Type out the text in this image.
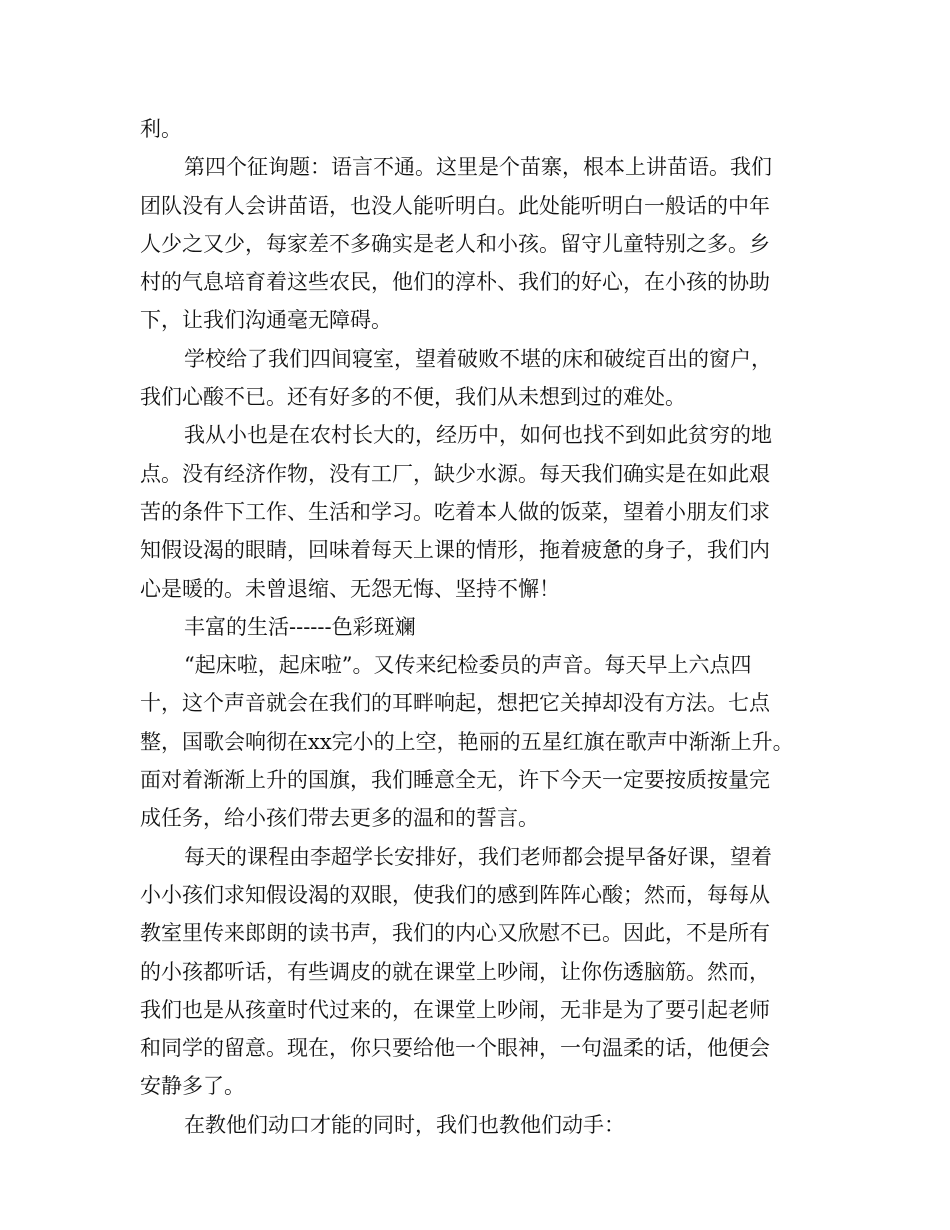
利。
第四个征询题：语言不通。这里是个苗寨，根本上讲苗语。我们
团队没有人会讲苗语，也没人能听明白。此处能听明白一般话的中年
人少之又少，每家差不多确实是老人和小孩。留守儿童特别之多。乡
村的气息培育着这些农民，他们的淳朴、我们的好心，在小孩的协助
下，让我们沟通毫无障碍。
学校给了我们四间寝室，望着破败不堪的床和破绽百出的窗户，
我们心酸不已。还有好多的不便，我们从未想到过的难处。
我从小也是在农村长大的，经历中，如何也找不到如此贫穷的地
点。没有经济作物，没有工厂，缺少水源。每天我们确实是在如此艰
苦的条件下工作、生活和学习。吃着本人做的饭菜，望着小朋友们求
知假设渴的眼睛，回味着每天上课的情形，拖着疲惫的身子，我们内
心是暖的。未曾退缩、无怨无悔、坚持不懈！
丰富的生活------色彩斑斓
“起床啦，起床啦”。又传来纪检委员的声音。每天早上六点四
十，这个声音就会在我们的耳畔响起，想把它关掉却没有方法。七点
整，国歌会响彻在xx完小的上空，艳丽的五星红旗在歌声中渐渐上升。
面对着渐渐上升的国旗，我们睡意全无，许下今天一定要按质按量完
成任务，给小孩们带去更多的温和的誓言。
每天的课程由李超学长安排好，我们老师都会提早备好课，望着
小小孩们求知假设渴的双眼，使我们的感到阵阵心酸；然而，每每从
教室里传来郎朗的读书声，我们的内心又欣慰不已。因此，不是所有
的小孩都听话，有些调皮的就在课堂上吵闹，让你伤透脑筋。然而，
我们也是从孩童时代过来的，在课堂上吵闹，无非是为了要引起老师
和同学的留意。现在，你只要给他一个眼神，一句温柔的话，他便会
安静多了。
在教他们动口才能的同时，我们也教他们动手：
